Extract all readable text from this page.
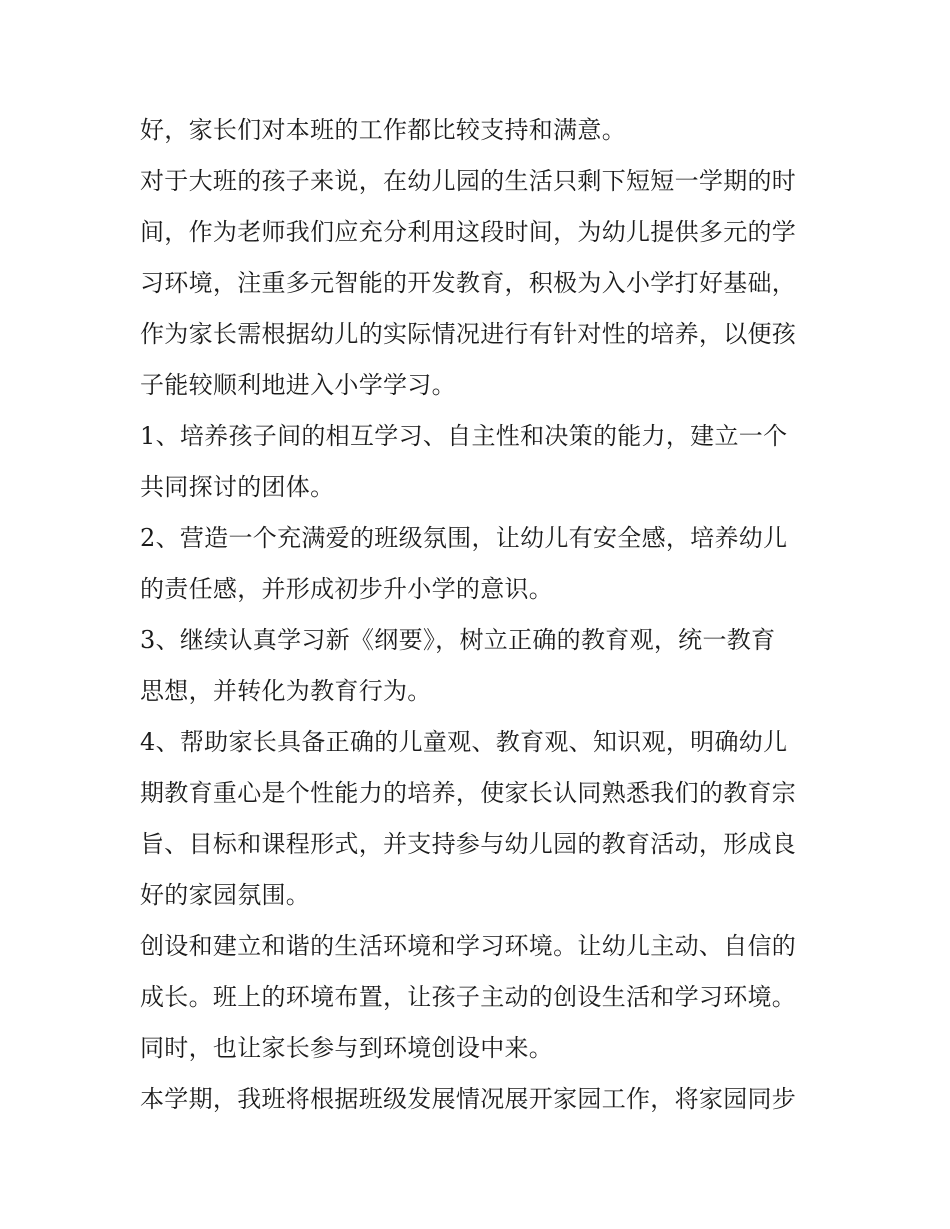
好，家长们对本班的工作都比较支持和满意。
对于大班的孩子来说，在幼儿园的生活只剩下短短一学期的时
间，作为老师我们应充分利用这段时间，为幼儿提供多元的学
习环境，注重多元智能的开发教育，积极为入小学打好基础，
作为家长需根据幼儿的实际情况进行有针对性的培养，以便孩
子能较顺利地进入小学学习。
1、培养孩子间的相互学习、自主性和决策的能力，建立一个
共同探讨的团体。
2、营造一个充满爱的班级氛围，让幼儿有安全感，培养幼儿
的责任感，并形成初步升小学的意识。
3、继续认真学习新《纲要》，树立正确的教育观，统一教育
思想，并转化为教育行为。
4、帮助家长具备正确的儿童观、教育观、知识观，明确幼儿
期教育重心是个性能力的培养，使家长认同熟悉我们的教育宗
旨、目标和课程形式，并支持参与幼儿园的教育活动，形成良
好的家园氛围。
创设和建立和谐的生活环境和学习环境。让幼儿主动、自信的
成长。班上的环境布置，让孩子主动的创设生活和学习环境。
同时，也让家长参与到环境创设中来。
本学期，我班将根据班级发展情况展开家园工作，将家园同步
